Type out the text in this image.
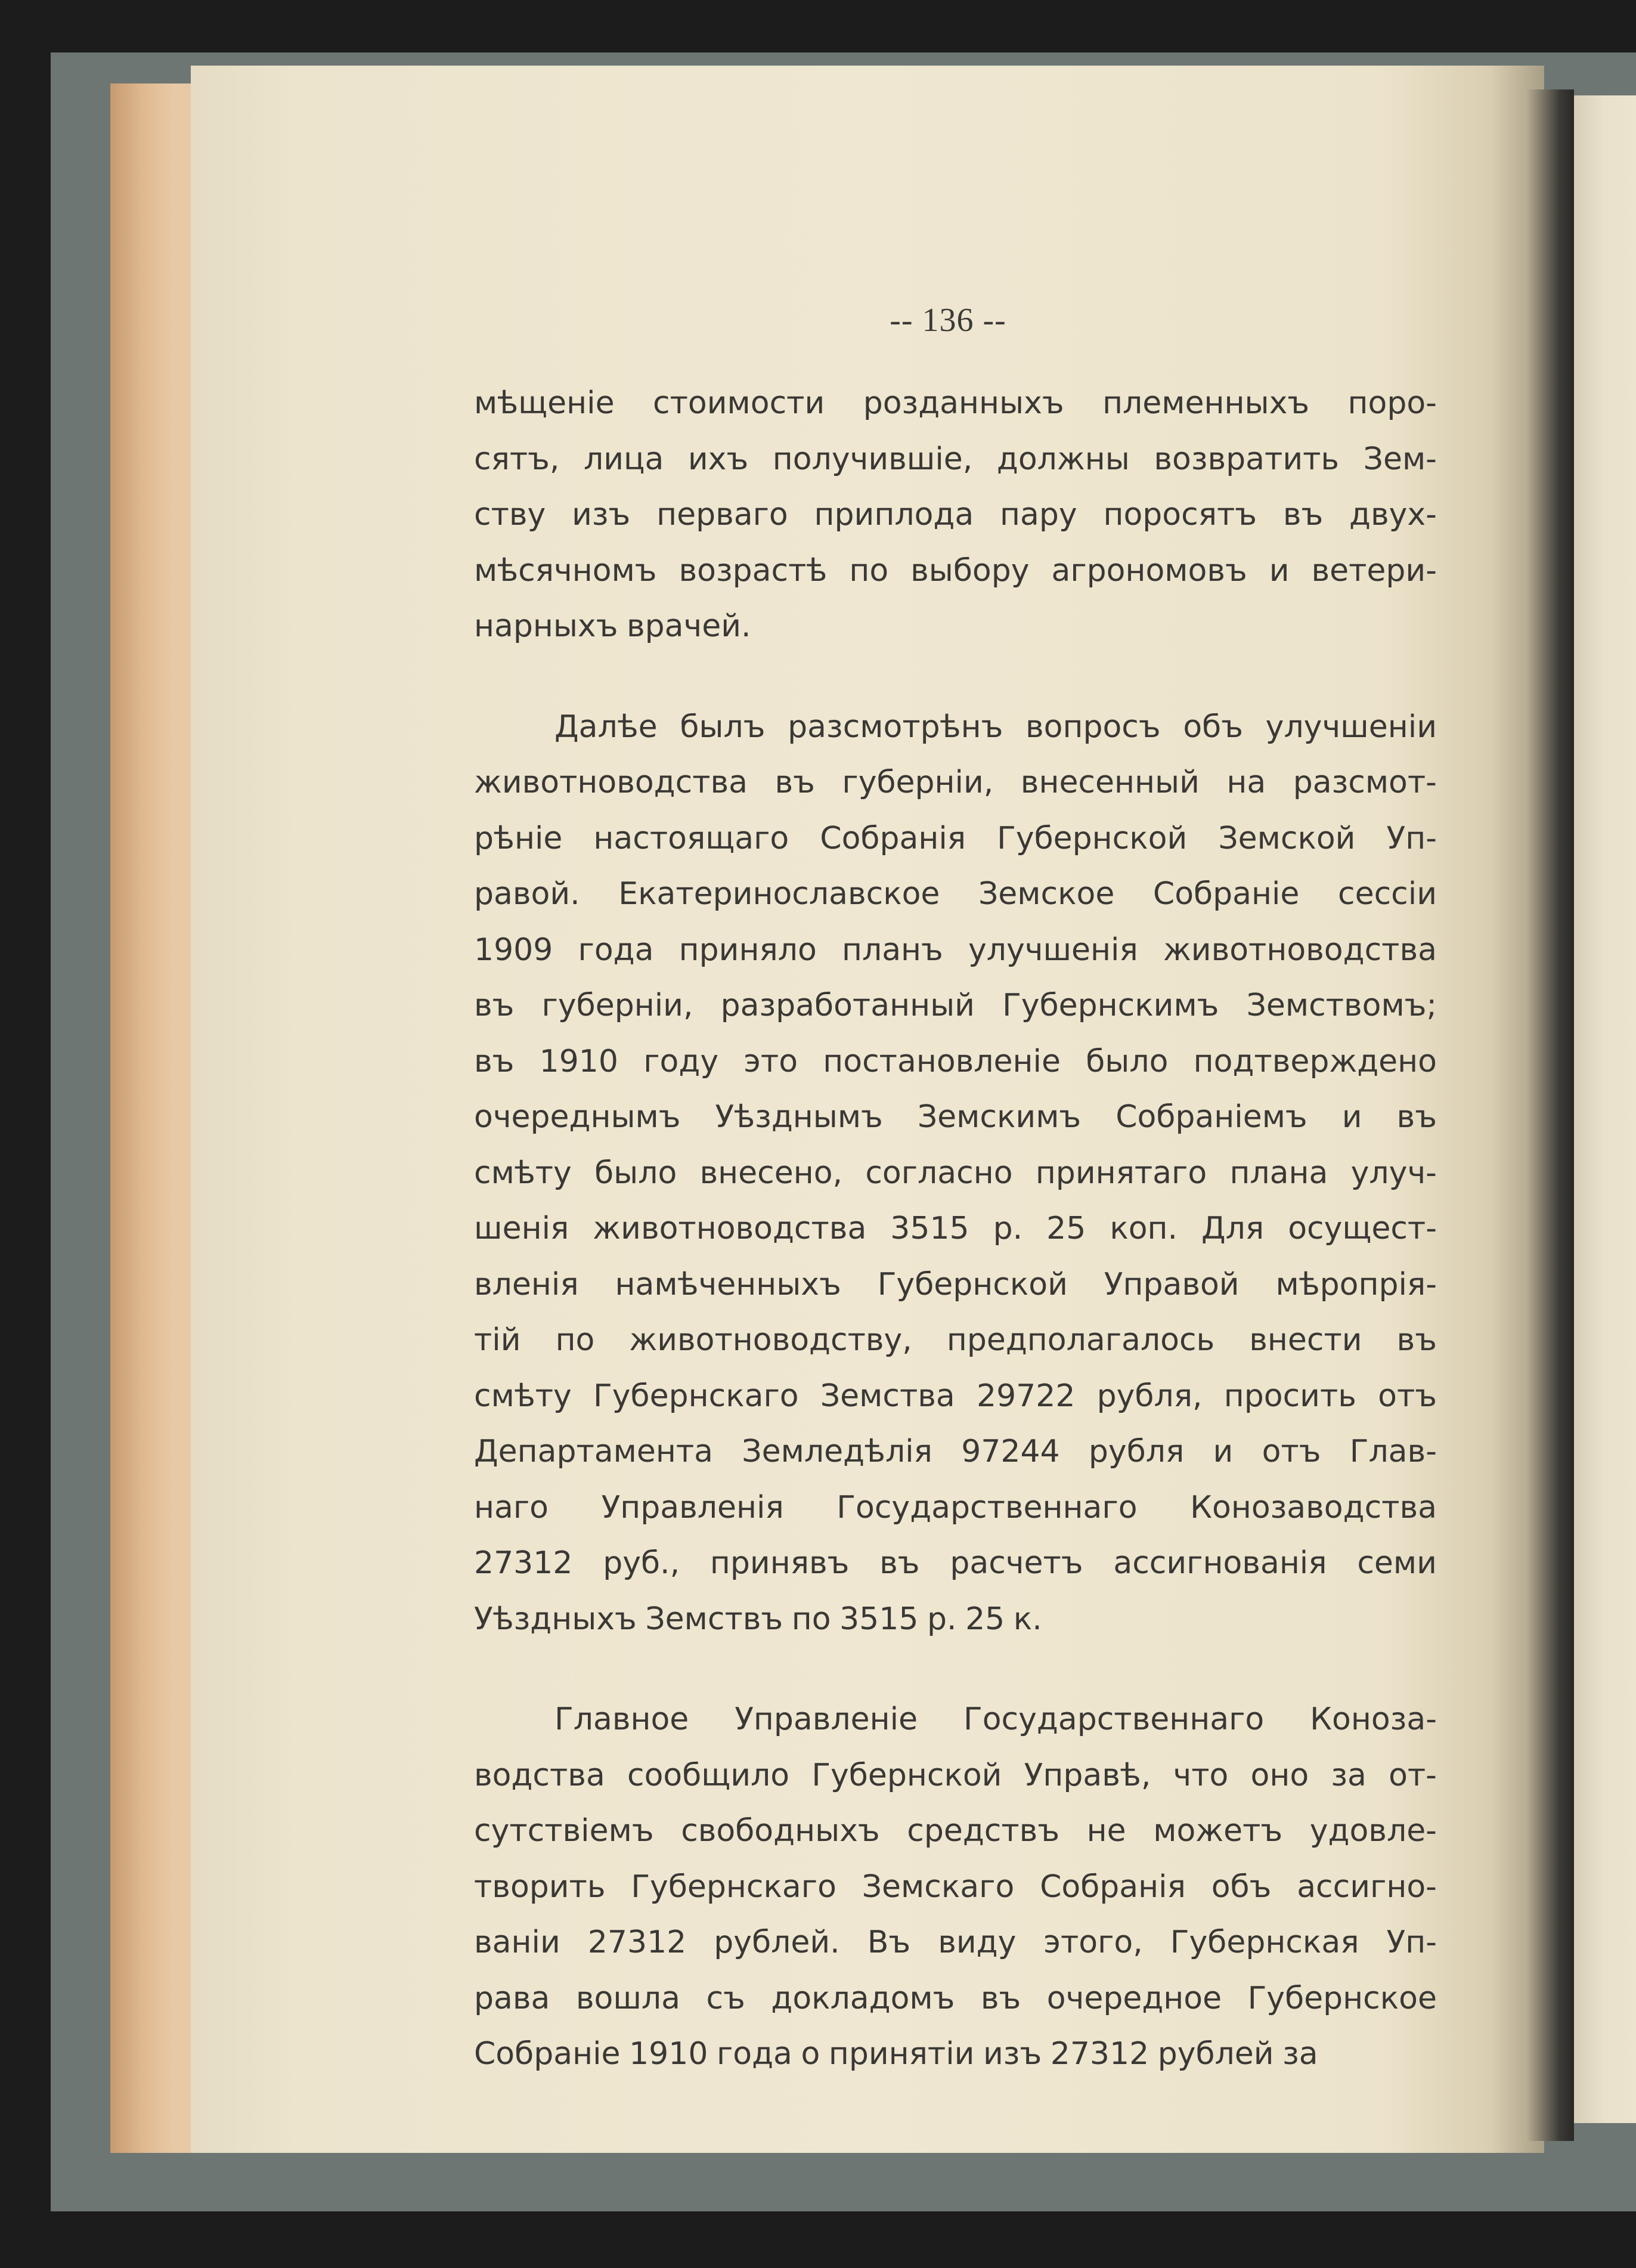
-- 136 --
мѣщеніе стоимости розданныхъ племенныхъ поро-
сятъ, лица ихъ получившіе, должны возвратить Зем-
ству изъ перваго приплода пару поросятъ въ двух-
мѣсячномъ возрастѣ по выбору агрономовъ и ветери-
нарныхъ врачей.
Далѣе былъ разсмотрѣнъ вопросъ объ улучшеніи
животноводства въ губерніи, внесенный на разсмот-
рѣніе настоящаго Собранія Губернской Земской Уп-
равой. Екатеринославское Земское Собраніе сессіи
1909 года приняло планъ улучшенія животноводства
въ губерніи, разработанный Губернскимъ Земствомъ;
въ 1910 году это постановленіе было подтверждено
очереднымъ Уѣзднымъ Земскимъ Собраніемъ и въ
смѣту было внесено, согласно принятаго плана улуч-
шенія животноводства 3515 р. 25 коп. Для осущест-
вленія намѣченныхъ Губернской Управой мѣропрія-
тій по животноводству, предполагалось внести въ
смѣту Губернскаго Земства 29722 рубля, просить отъ
Департамента Земледѣлія 97244 рубля и отъ Глав-
наго Управленія Государственнаго Конозаводства
27312 руб., принявъ въ расчетъ ассигнованія семи
Уѣздныхъ Земствъ по 3515 р. 25 к.
Главное Управленіе Государственнаго Коноза-
водства сообщило Губернской Управѣ, что оно за от-
сутствіемъ свободныхъ средствъ не можетъ удовле-
творить Губернскаго Земскаго Собранія объ ассигно-
ваніи 27312 рублей. Въ виду этого, Губернская Уп-
рава вошла съ докладомъ въ очередное Губернское
Собраніе 1910 года о принятіи изъ 27312 рублей за
